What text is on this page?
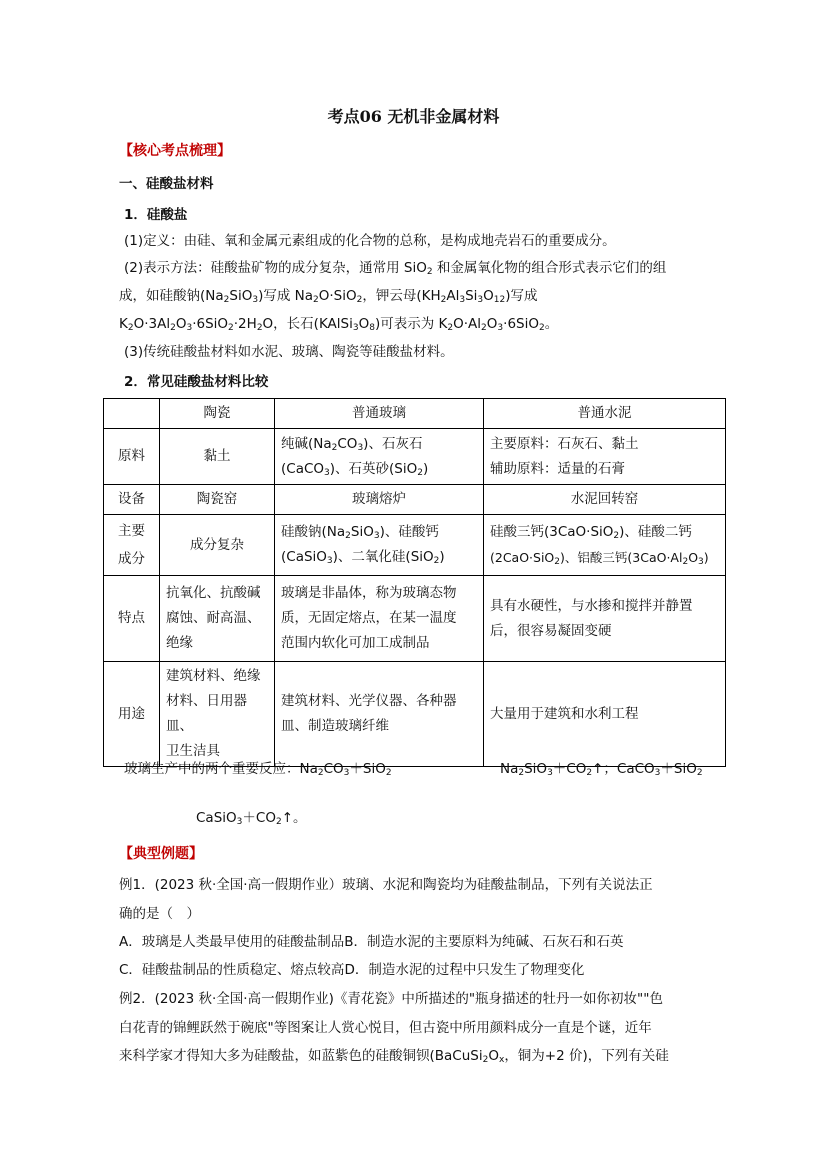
考点06 无机非金属材料
【核心考点梳理】
一、硅酸盐材料
1．硅酸盐
(1)定义：由硅、氧和金属元素组成的化合物的总称，是构成地壳岩石的重要成分。
(2)表示方法：硅酸盐矿物的成分复杂，通常用 SiO$_2$ 和金属氧化物的组合形式表示它们的组
成，如硅酸钠$(Na_2SiO_3)$写成 $Na_2O\cdot SiO_2$，钾云母$(KH_2Al_3Si_3O_{12})$写成
$K_2O\cdot 3Al_2O_3\cdot 6SiO_2\cdot 2H_2O$，长石$(KAlSi_3O_8)$可表示为 $K_2O\cdot Al_2O_3\cdot 6SiO_2$。
(3)传统硅酸盐材料如水泥、玻璃、陶瓷等硅酸盐材料。
2．常见硅酸盐材料比较
	陶瓷	普通玻璃	普通水泥
原料	黏土	纯碱$(Na_2CO_3)$、石灰石
(CaCO$_3$)、石英砂(SiO$_2$)	主要原料：石灰石、黏土
辅助原料：适量的石膏
设备	陶瓷窑	玻璃熔炉	水泥回转窑
主要成分	成分复杂	硅酸钠$(Na_2SiO_3)$、硅酸钙
(CaSiO$_3$)、二氧化硅(SiO$_2$)	硅酸三钙(3CaO·SiO$_2$)、硅酸二钙
(2CaO·SiO$_2$)、铝酸三钙$(3CaO\cdot Al_2O_3)$
特点	抗氧化、抗酸碱
腐蚀、耐高温、
绝缘	玻璃是非晶体，称为玻璃态物
质，无固定熔点，在某一温度
范围内软化可加工成制品	具有水硬性，与水掺和搅拌并静置
后，很容易凝固变硬
用途	建筑材料、绝缘
材料、日用器皿、
卫生洁具	建筑材料、光学仪器、各种器
皿、制造玻璃纤维	大量用于建筑和水利工程
玻璃生产中的两个重要反应：$Na_2CO_3+SiO_2$	$Na_2SiO_3+CO_2↑$；CaCO$_3$＋SiO$_2$
$CaSiO_3+CO_2↑$。
【典型例题】
例1．(2023 秋·全国·高一假期作业）玻璃、水泥和陶瓷均为硅酸盐制品，下列有关说法正
确的是（　）
A．玻璃是人类最早使用的硅酸盐制品B．制造水泥的主要原料为纯碱、石灰石和石英
C．硅酸盐制品的性质稳定、熔点较高D．制造水泥的过程中只发生了物理变化
例2．(2023 秋·全国·高一假期作业)《青花瓷》中所描述的"瓶身描述的牡丹一如你初妆""色
白花青的锦鲤跃然于碗底"等图案让人赏心悦目，但古瓷中所用颜料成分一直是个谜，近年
来科学家才得知大多为硅酸盐，如蓝紫色的硅酸铜钡($BaCuSi_2O_x$，铜为+2 价)，下列有关硅
